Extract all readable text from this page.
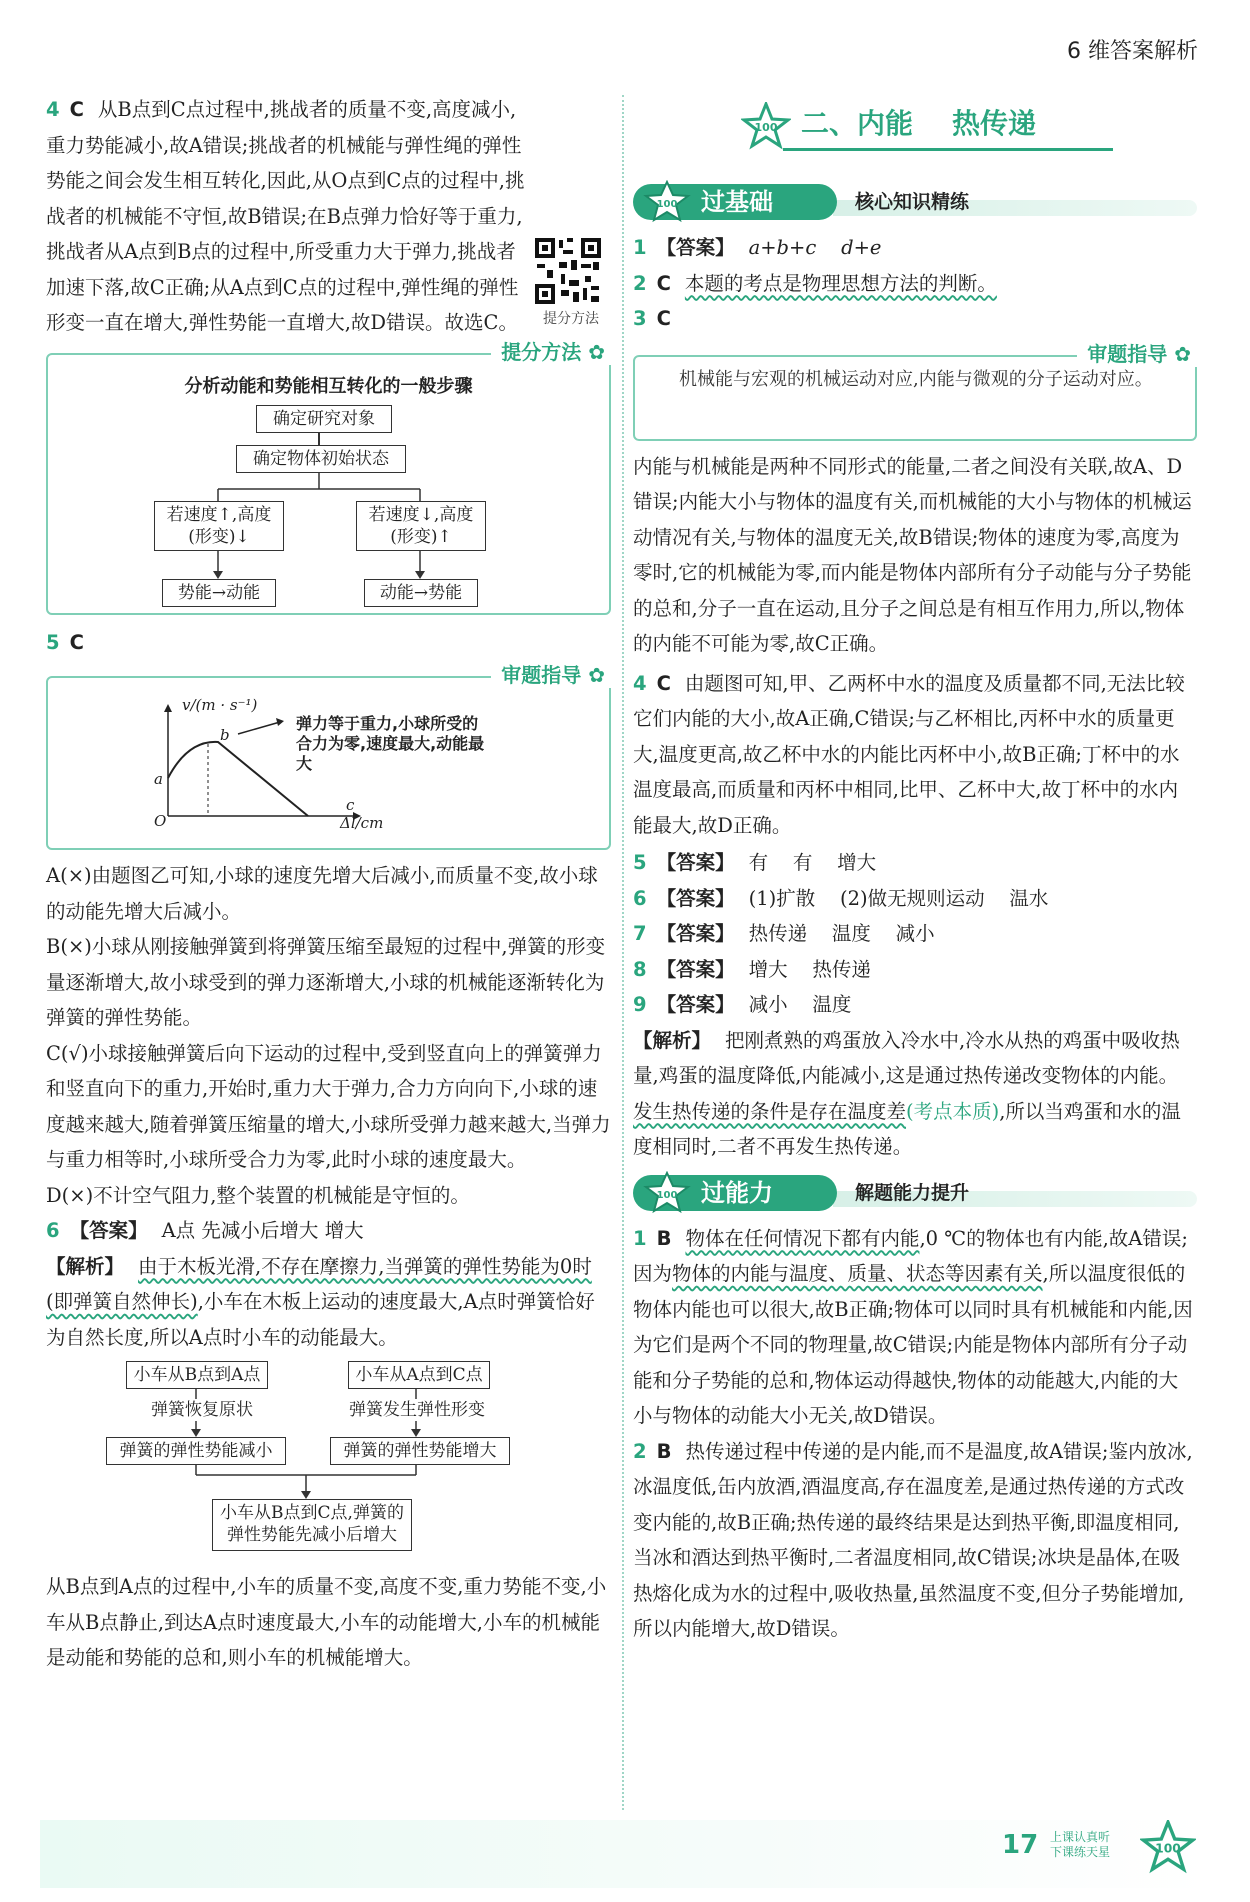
6 维答案解析
提分方法

4 C 从B点到C点过程中,挑战者的质量不变,高度减小,重力势能减小,故A错误;挑战者的机械能与弹性绳的弹性势能之间会发生相互转化,因此,从O点到C点的过程中,挑战者的机械能不守恒,故B错误;在B点弹力恰好等于重力,挑战者从A点到B点的过程中,所受重力大于弹力,挑战者加速下落,故C正确;从A点到C点的过程中,弹性绳的弹性形变一直在增大,弹性势能一直增大,故D错误。故选C。

提分方法 ✿
分析动能和势能相互转化的一般步骤
确定研究对象
确定物体初始状态
若速度↑,高度(形变)↓
若速度↓,高度(形变)↑
势能→动能	动能→势能

5 C

审题指导 ✿
v/(m · s⁻¹)
Δl/cm
O
a
b
c
弹力等于重力,小球所受的合力为零,速度最大,动能最大

A(×)由题图乙可知,小球的速度先增大后减小,而质量不变,故小球的动能先增大后减小。

B(×)小球从刚接触弹簧到将弹簧压缩至最短的过程中,弹簧的形变量逐渐增大,故小球受到的弹力逐渐增大,小球的机械能逐渐转化为弹簧的弹性势能。

C(√)小球接触弹簧后向下运动的过程中,受到竖直向上的弹簧弹力和竖直向下的重力,开始时,重力大于弹力,合力方向向下,小球的速度越来越大,随着弹簧压缩量的增大,小球所受弹力越来越大,当弹力与重力相等时,小球所受合力为零,此时小球的速度最大。

D(×)不计空气阻力,整个装置的机械能是守恒的。

6 【答案】 A点 先减小后增大 增大

【解析】 由于木板光滑,不存在摩擦力,当弹簧的弹性势能为0时(即弹簧自然伸长),小车在木板上运动的速度最大,A点时弹簧恰好为自然长度,所以A点时小车的动能最大。

小车从B点到A点	小车从A点到C点
弹簧恢复原状	弹簧发生弹性形变
弹簧的弹性势能减小	弹簧的弹性势能增大
小车从B点到C点,弹簧的弹性势能先减小后增大

从B点到A点的过程中,小车的质量不变,高度不变,重力势能不变,小车从B点静止,到达A点时速度最大,小车的动能增大,小车的机械能是动能和势能的总和,则小车的机械能增大。

100 二、内能    热传递
过基础
100	核心知识精练

1 【答案】 a+b+c    d+e

2 C 本题的考点是物理思想方法的判断。

3 C

审题指导 ✿

机械能与宏观的机械运动对应,内能与微观的分子运动对应。

内能与机械能是两种不同形式的能量,二者之间没有关联,故A、D错误;内能大小与物体的温度有关,而机械能的大小与物体的机械运动情况有关,与物体的温度无关,故B错误;物体的速度为零,高度为零时,它的机械能为零,而内能是物体内部所有分子动能与分子势能的总和,分子一直在运动,且分子之间总是有相互作用力,所以,物体的内能不可能为零,故C正确。

4 C 由题图可知,甲、乙两杯中水的温度及质量都不同,无法比较它们内能的大小,故A正确,C错误;与乙杯相比,丙杯中水的质量更大,温度更高,故乙杯中水的内能比丙杯中小,故B正确;丁杯中的水温度最高,而质量和丙杯中相同,比甲、乙杯中大,故丁杯中的水内能最大,故D正确。

5 【答案】 有    有    增大

6 【答案】 (1)扩散    (2)做无规则运动    温水

7 【答案】 热传递    温度    减小

8 【答案】 增大    热传递

9 【答案】 减小    温度

【解析】 把刚煮熟的鸡蛋放入冷水中,冷水从热的鸡蛋中吸收热量,鸡蛋的温度降低,内能减小,这是通过热传递改变物体的内能。发生热传递的条件是存在温度差(考点本质),所以当鸡蛋和水的温度相同时,二者不再发生热传递。

过能力
100	解题能力提升

1 B 物体在任何情况下都有内能,0 ℃的物体也有内能,故A错误;因为物体的内能与温度、质量、状态等因素有关,所以温度很低的物体内能也可以很大,故B正确;物体可以同时具有机械能和内能,因为它们是两个不同的物理量,故C错误;内能是物体内部所有分子动能和分子势能的总和,物体运动得越快,物体的动能越大,内能的大小与物体的动能大小无关,故D错误。

2 B 热传递过程中传递的是内能,而不是温度,故A错误;鉴内放冰,冰温度低,缶内放酒,酒温度高,存在温度差,是通过热传递的方式改变内能的,故B正确;热传递的最终结果是达到热平衡,即温度相同,当冰和酒达到热平衡时,二者温度相同,故C错误;冰块是晶体,在吸热熔化成为水的过程中,吸收热量,虽然温度不变,但分子势能增加,所以内能增大,故D错误。

17 上课认真听
下课练天星	100
